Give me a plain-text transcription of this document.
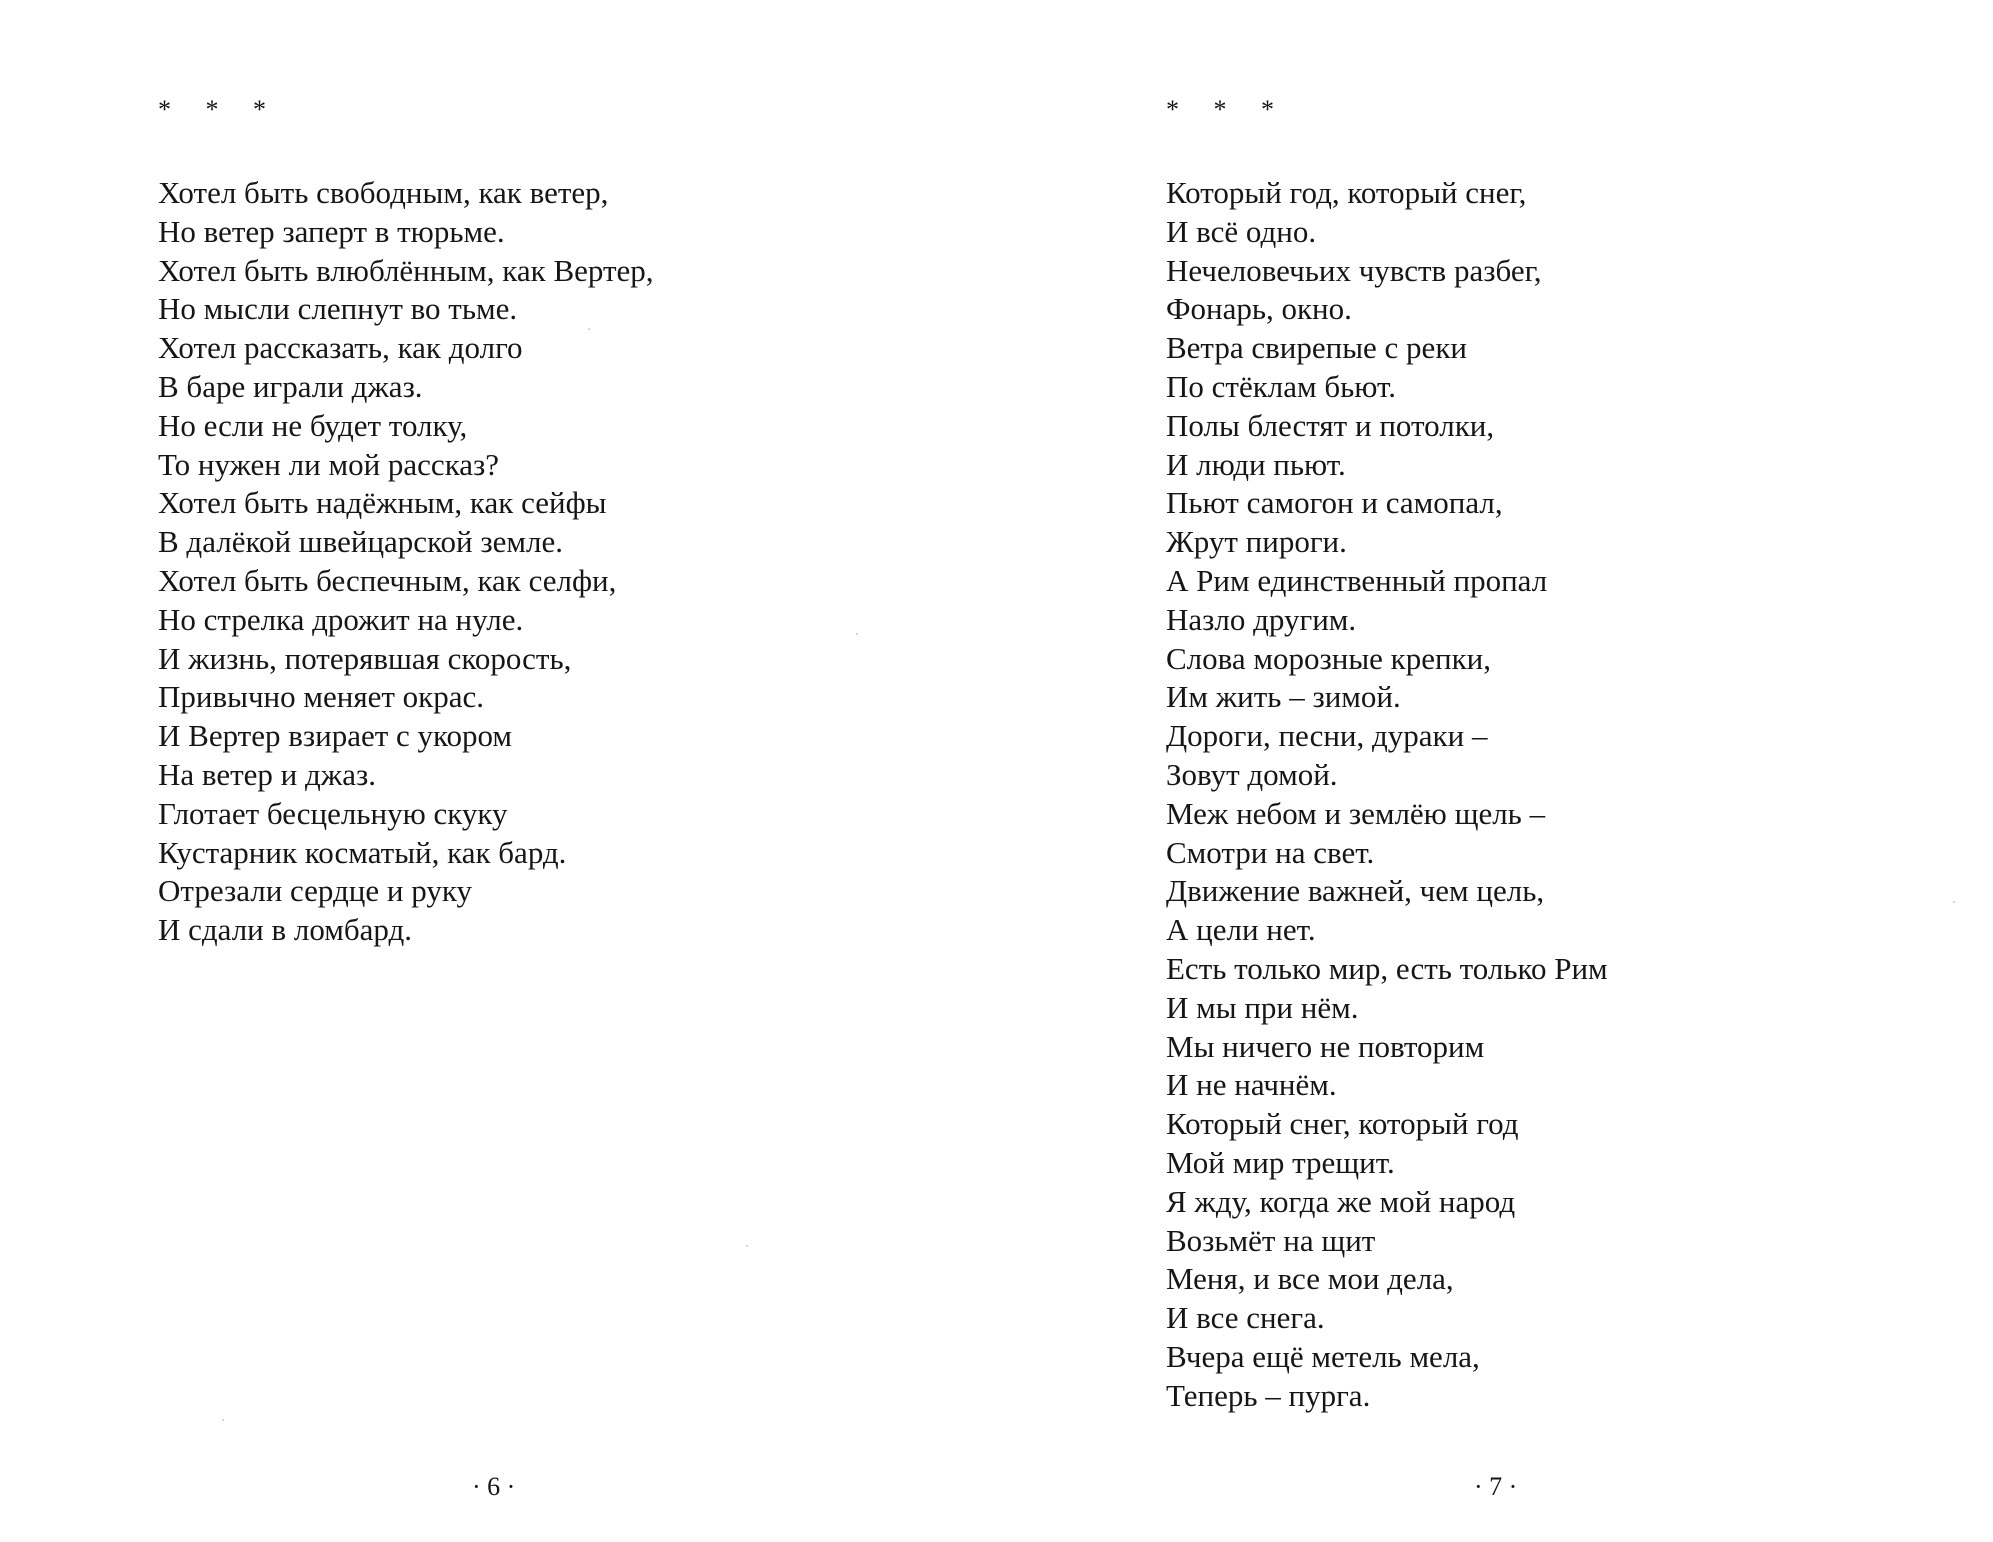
* * *
Хотел быть свободным, как ветер,
Но ветер заперт в тюрьме.
Хотел быть влюблённым, как Вертер,
Но мысли слепнут во тьме.
Хотел рассказать, как долго
В баре играли джаз.
Но если не будет толку,
То нужен ли мой рассказ?
Хотел быть надёжным, как сейфы
В далёкой швейцарской земле.
Хотел быть беспечным, как селфи,
Но стрелка дрожит на нуле.
И жизнь, потерявшая скорость,
Привычно меняет окрас.
И Вертер взирает с укором
На ветер и джаз.
Глотает бесцельную скуку
Кустарник косматый, как бард.
Отрезали сердце и руку
И сдали в ломбард.
· 6 ·
* * *
Который год, который снег,
И всё одно.
Нечеловечьих чувств разбег,
Фонарь, окно.
Ветра свирепые с реки
По стёклам бьют.
Полы блестят и потолки,
И люди пьют.
Пьют самогон и самопал,
Жрут пироги.
А Рим единственный пропал
Назло другим.
Слова морозные крепки,
Им жить – зимой.
Дороги, песни, дураки –
Зовут домой.
Меж небом и землёю щель –
Смотри на свет.
Движение важней, чем цель,
А цели нет.
Есть только мир, есть только Рим
И мы при нём.
Мы ничего не повторим
И не начнём.
Который снег, который год
Мой мир трещит.
Я жду, когда же мой народ
Возьмёт на щит
Меня, и все мои дела,
И все снега.
Вчера ещё метель мела,
Теперь – пурга.
· 7 ·
